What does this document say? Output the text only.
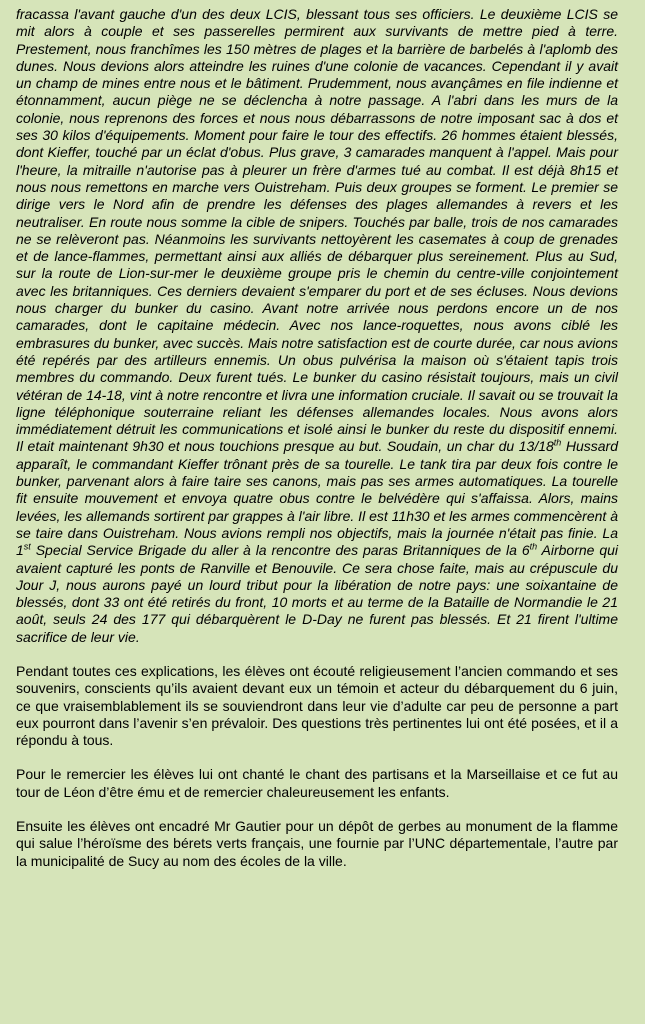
fracassa l'avant gauche d'un des deux LCIS, blessant tous ses officiers. Le deuxième LCIS se mit alors à couple et ses passerelles permirent aux survivants de mettre pied à terre. Prestement, nous franchîmes les 150 mètres de plages et la barrière de barbelés à l'aplomb des dunes. Nous devions alors atteindre les ruines d'une colonie de vacances. Cependant il y avait un champ de mines entre nous et le bâtiment. Prudemment, nous avançâmes en file indienne et étonnamment, aucun piège ne se déclencha à notre passage. A l'abri dans les murs de la colonie, nous reprenons des forces et nous nous débarrassons de notre imposant sac à dos et ses 30 kilos d'équipements. Moment pour faire le tour des effectifs. 26 hommes étaient blessés, dont Kieffer, touché par un éclat d'obus. Plus grave, 3 camarades manquent à l'appel. Mais pour l'heure, la mitraille n'autorise pas à pleurer un frère d'armes tué au combat. Il est déjà 8h15 et nous nous remettons en marche vers Ouistreham. Puis deux groupes se forment. Le premier se dirige vers le Nord afin de prendre les défenses des plages allemandes à revers et les neutraliser. En route nous somme la cible de snipers. Touchés par balle, trois de nos camarades ne se relèveront pas. Néanmoins les survivants nettoyèrent les casemates à coup de grenades et de lance-flammes, permettant ainsi aux alliés de débarquer plus sereinement. Plus au Sud, sur la route de Lion-sur-mer le deuxième groupe pris le chemin du centre-ville conjointement avec les britanniques. Ces derniers devaient s'emparer du port et de ses écluses. Nous devions nous charger du bunker du casino. Avant notre arrivée nous perdons encore un de nos camarades, dont le capitaine médecin. Avec nos lance-roquettes, nous avons ciblé les embrasures du bunker, avec succès. Mais notre satisfaction est de courte durée, car nous avions été repérés par des artilleurs ennemis. Un obus pulvérisa la maison où s'étaient tapis trois membres du commando. Deux furent tués. Le bunker du casino résistait toujours, mais un civil vétéran de 14-18, vint à notre rencontre et livra une information cruciale. Il savait ou se trouvait la ligne téléphonique souterraine reliant les défenses allemandes locales. Nous avons alors immédiatement détruit les communications et isolé ainsi le bunker du reste du dispositif ennemi. Il etait maintenant 9h30 et nous touchions presque au but. Soudain, un char du 13/18th Hussard apparaît, le commandant Kieffer trônant près de sa tourelle. Le tank tira par deux fois contre le bunker, parvenant alors à faire taire ses canons, mais pas ses armes automatiques. La tourelle fit ensuite mouvement et envoya quatre obus contre le belvédère qui s'affaissa. Alors, mains levées, les allemands sortirent par grappes à l'air libre. Il est 11h30 et les armes commencèrent à se taire dans Ouistreham. Nous avions rempli nos objectifs, mais la journée n'était pas finie. La 1st Special Service Brigade du aller à la rencontre des paras Britanniques de la 6th Airborne qui avaient capturé les ponts de Ranville et Benouvile. Ce sera chose faite, mais au crépuscule du Jour J, nous aurons payé un lourd tribut pour la libération de notre pays: une soixantaine de blessés, dont 33 ont été retirés du front, 10 morts et au terme de la Bataille de Normandie le 21 août, seuls 24 des 177 qui débarquèrent le D-Day ne furent pas blessés. Et 21 firent l'ultime sacrifice de leur vie.

Pendant toutes ces explications, les élèves ont écouté religieusement l’ancien commando et ses souvenirs, conscients qu’ils avaient devant eux un témoin et acteur du débarquement du 6 juin, ce que vraisemblablement ils se souviendront dans leur vie d’adulte car peu de personne a part eux pourront dans l’avenir s’en prévaloir. Des questions très pertinentes lui ont été posées, et il a répondu à tous.

Pour le remercier les élèves lui ont chanté le chant des partisans et la Marseillaise et ce fut au tour de Léon d’être ému et de remercier chaleureusement les enfants.

Ensuite les élèves ont encadré Mr Gautier pour un dépôt de gerbes au monument de la flamme qui salue l’héroïsme des bérets verts français, une fournie par l’UNC départementale, l’autre par la municipalité de Sucy au nom des écoles de la ville.
